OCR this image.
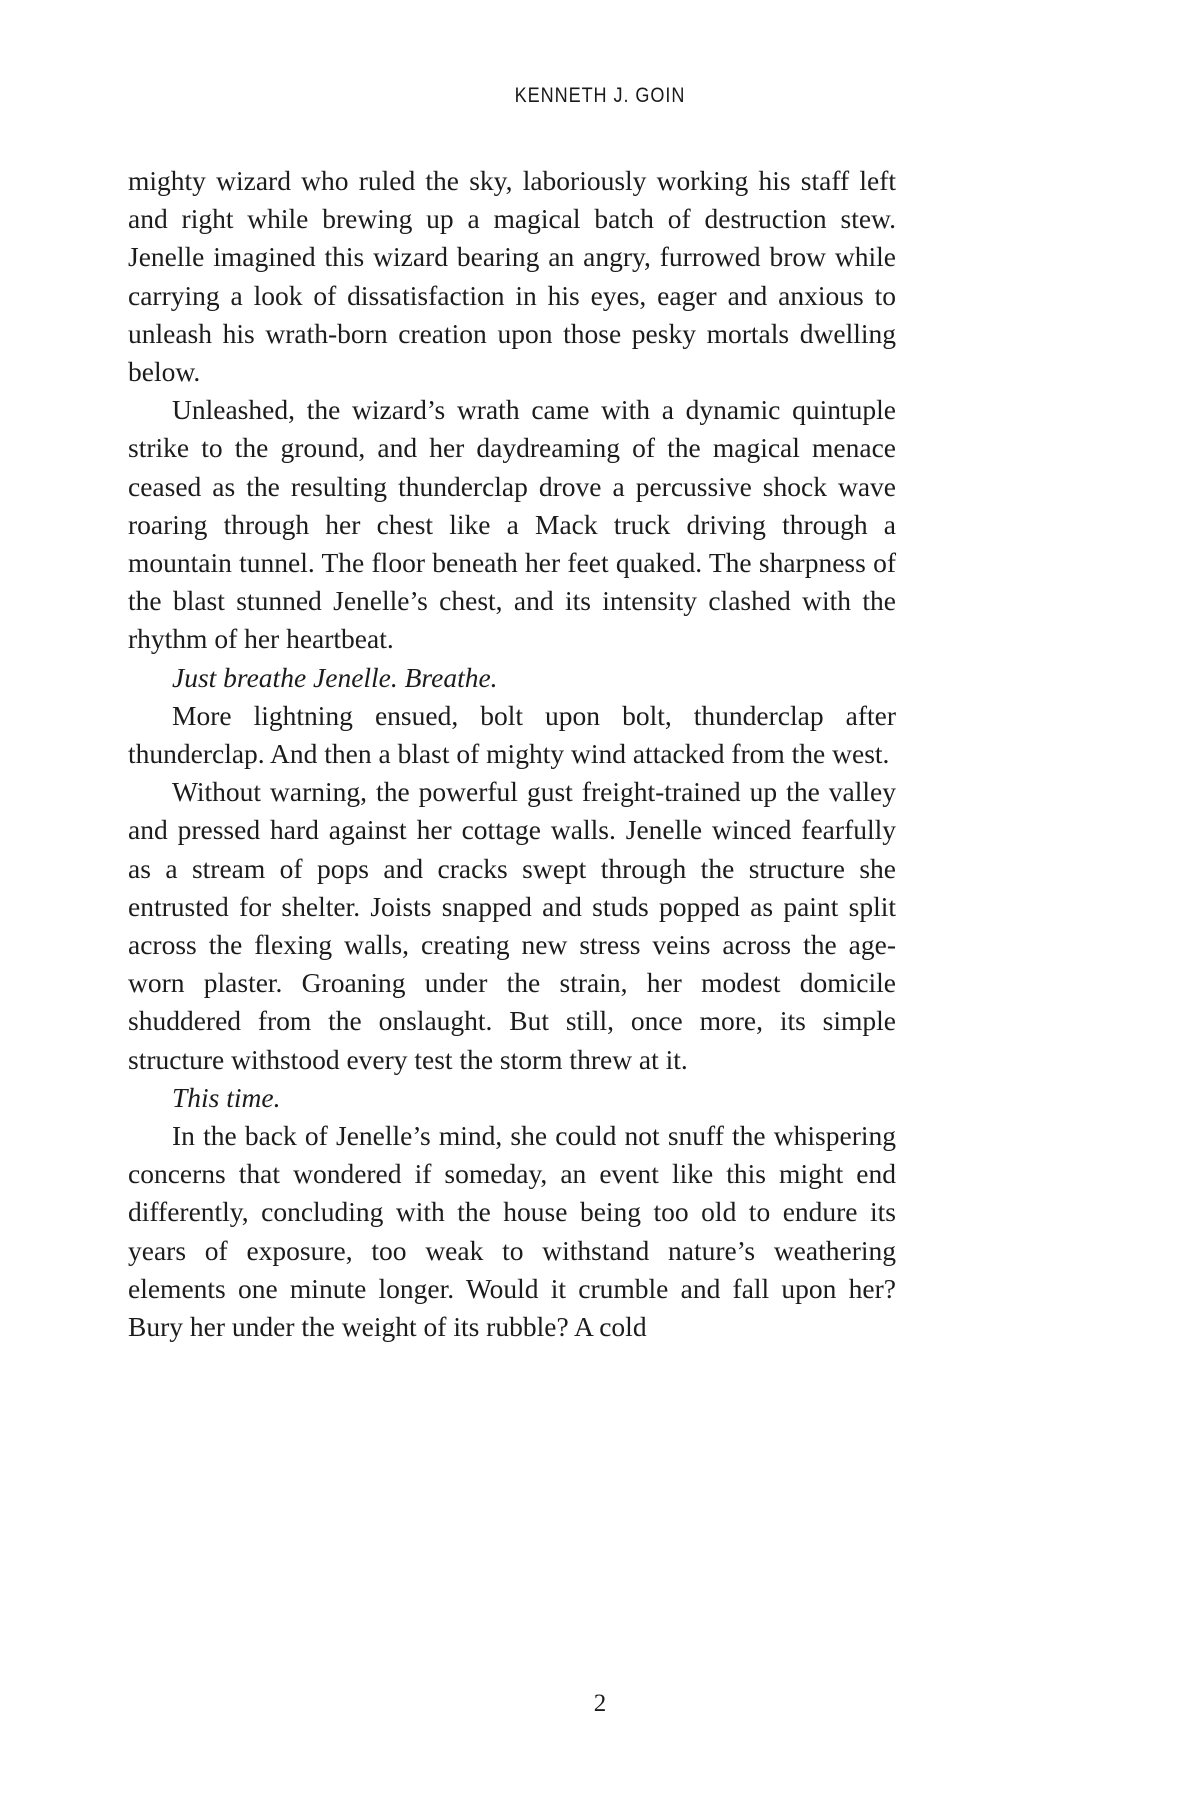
KENNETH J. GOIN

mighty wizard who ruled the sky, laboriously working his staff left and right while brewing up a magical batch of destruction stew. Jenelle imagined this wizard bearing an angry, furrowed brow while carrying a look of dissatisfaction in his eyes, eager and anxious to unleash his wrath-born creation upon those pesky mortals dwelling below.

Unleashed, the wizard’s wrath came with a dynamic quintuple strike to the ground, and her daydreaming of the magical menace ceased as the resulting thunderclap drove a percussive shock wave roaring through her chest like a Mack truck driving through a mountain tunnel. The floor beneath her feet quaked. The sharpness of the blast stunned Jenelle’s chest, and its intensity clashed with the rhythm of her heartbeat.

Just breathe Jenelle. Breathe.

More lightning ensued, bolt upon bolt, thunderclap after thunderclap. And then a blast of mighty wind attacked from the west.

Without warning, the powerful gust freight-trained up the valley and pressed hard against her cottage walls. Jenelle winced fearfully as a stream of pops and cracks swept through the structure she entrusted for shelter. Joists snapped and studs popped as paint split across the flexing walls, creating new stress veins across the age-worn plaster. Groaning under the strain, her modest domicile shuddered from the onslaught. But still, once more, its simple structure withstood every test the storm threw at it.

This time.

In the back of Jenelle’s mind, she could not snuff the whispering concerns that wondered if someday, an event like this might end differently, concluding with the house being too old to endure its years of exposure, too weak to withstand nature’s weathering elements one minute longer. Would it crumble and fall upon her? Bury her under the weight of its rubble? A cold

2
